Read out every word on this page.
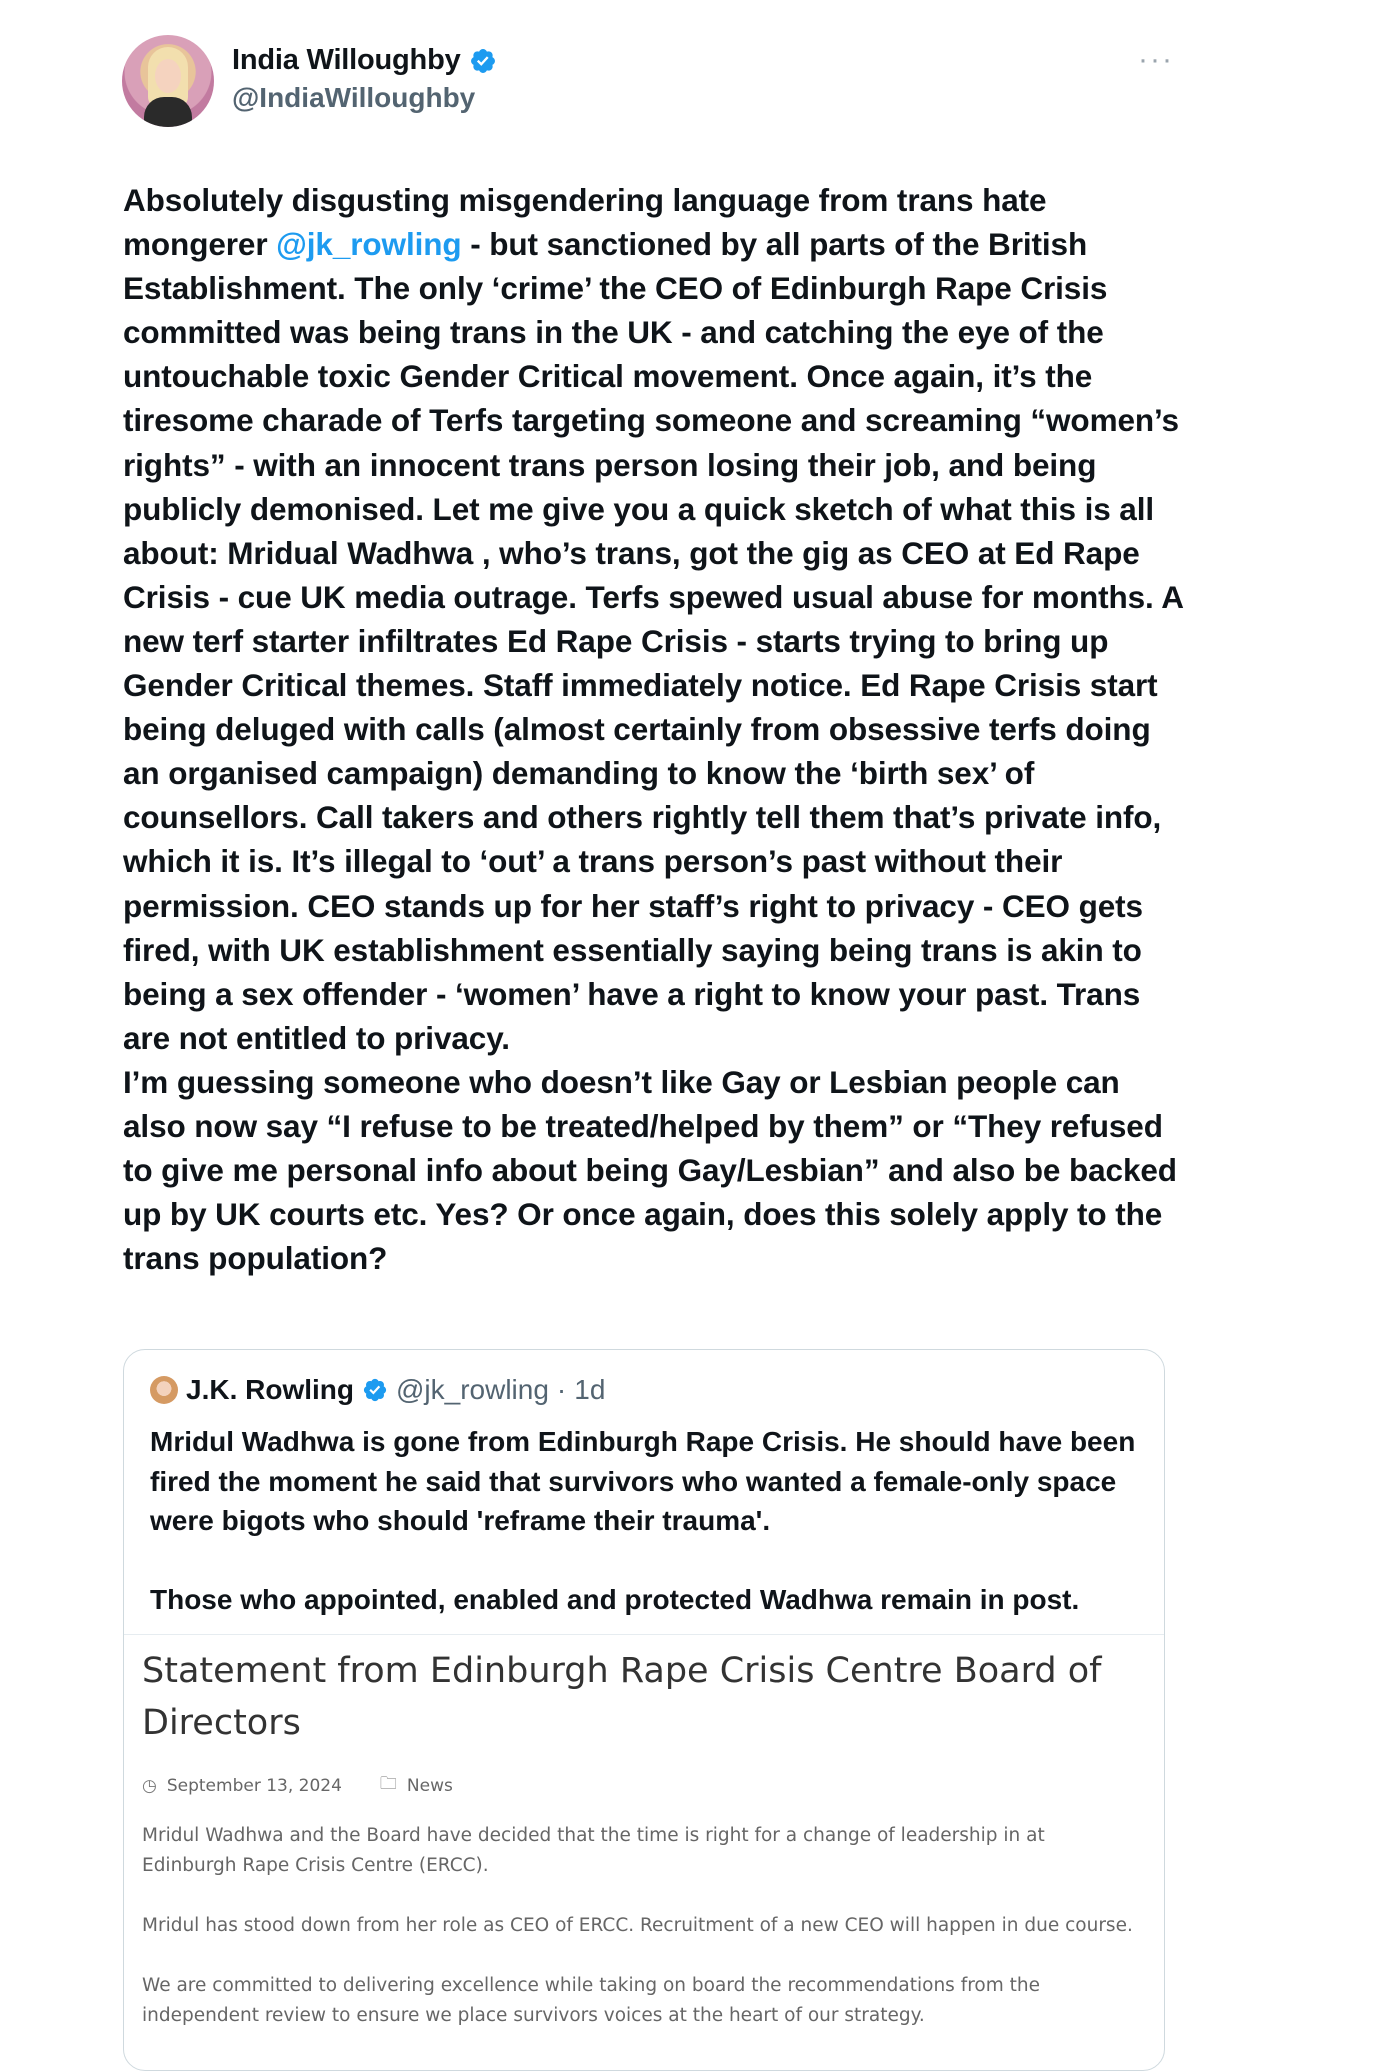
India Willoughby
@IndiaWilloughby
···

Absolutely disgusting misgendering language from trans hate mongerer @jk_rowling - but sanctioned by all parts of the British Establishment. The only ‘crime’ the CEO of Edinburgh Rape Crisis committed was being trans in the UK - and catching the eye of the untouchable toxic Gender Critical movement. Once again, it’s the tiresome charade of Terfs targeting someone and screaming “women’s rights” - with an innocent trans person losing their job, and being publicly demonised. Let me give you a quick sketch of what this is all about: Mridual Wadhwa , who’s trans, got the gig as CEO at Ed Rape Crisis - cue UK media outrage. Terfs spewed usual abuse for months. A new terf starter infiltrates Ed Rape Crisis - starts trying to bring up Gender Critical themes. Staff immediately notice. Ed Rape Crisis start being deluged with calls (almost certainly from obsessive terfs doing an organised campaign) demanding to know the ‘birth sex’ of counsellors. Call takers and others rightly tell them that’s private info, which it is. It’s illegal to ‘out’ a trans person’s past without their permission. CEO stands up for her staff’s right to privacy - CEO gets fired, with UK establishment essentially saying being trans is akin to being a sex offender - ‘women’ have a right to know your past. Trans are not entitled to privacy.

I’m guessing someone who doesn’t like Gay or Lesbian people can also now say “I refuse to be treated/helped by them” or “They refused to give me personal info about being Gay/Lesbian” and also be backed up by UK courts etc. Yes? Or once again, does this solely apply to the trans population?

J.K. Rowling @jk_rowling · 1d

Mridul Wadhwa is gone from Edinburgh Rape Crisis. He should have been fired the moment he said that survivors who wanted a female-only space were bigots who should 'reframe their trauma'.

Those who appointed, enabled and protected Wadhwa remain in post.

Statement from Edinburgh Rape Crisis Centre Board of Directors
◷ September 13, 2024 🗀 News
Mridul Wadhwa and the Board have decided that the time is right for a change of leadership in at Edinburgh Rape Crisis Centre (ERCC).
Mridul has stood down from her role as CEO of ERCC. Recruitment of a new CEO will happen in due course.
We are committed to delivering excellence while taking on board the recommendations from the independent review to ensure we place survivors voices at the heart of our strategy.
